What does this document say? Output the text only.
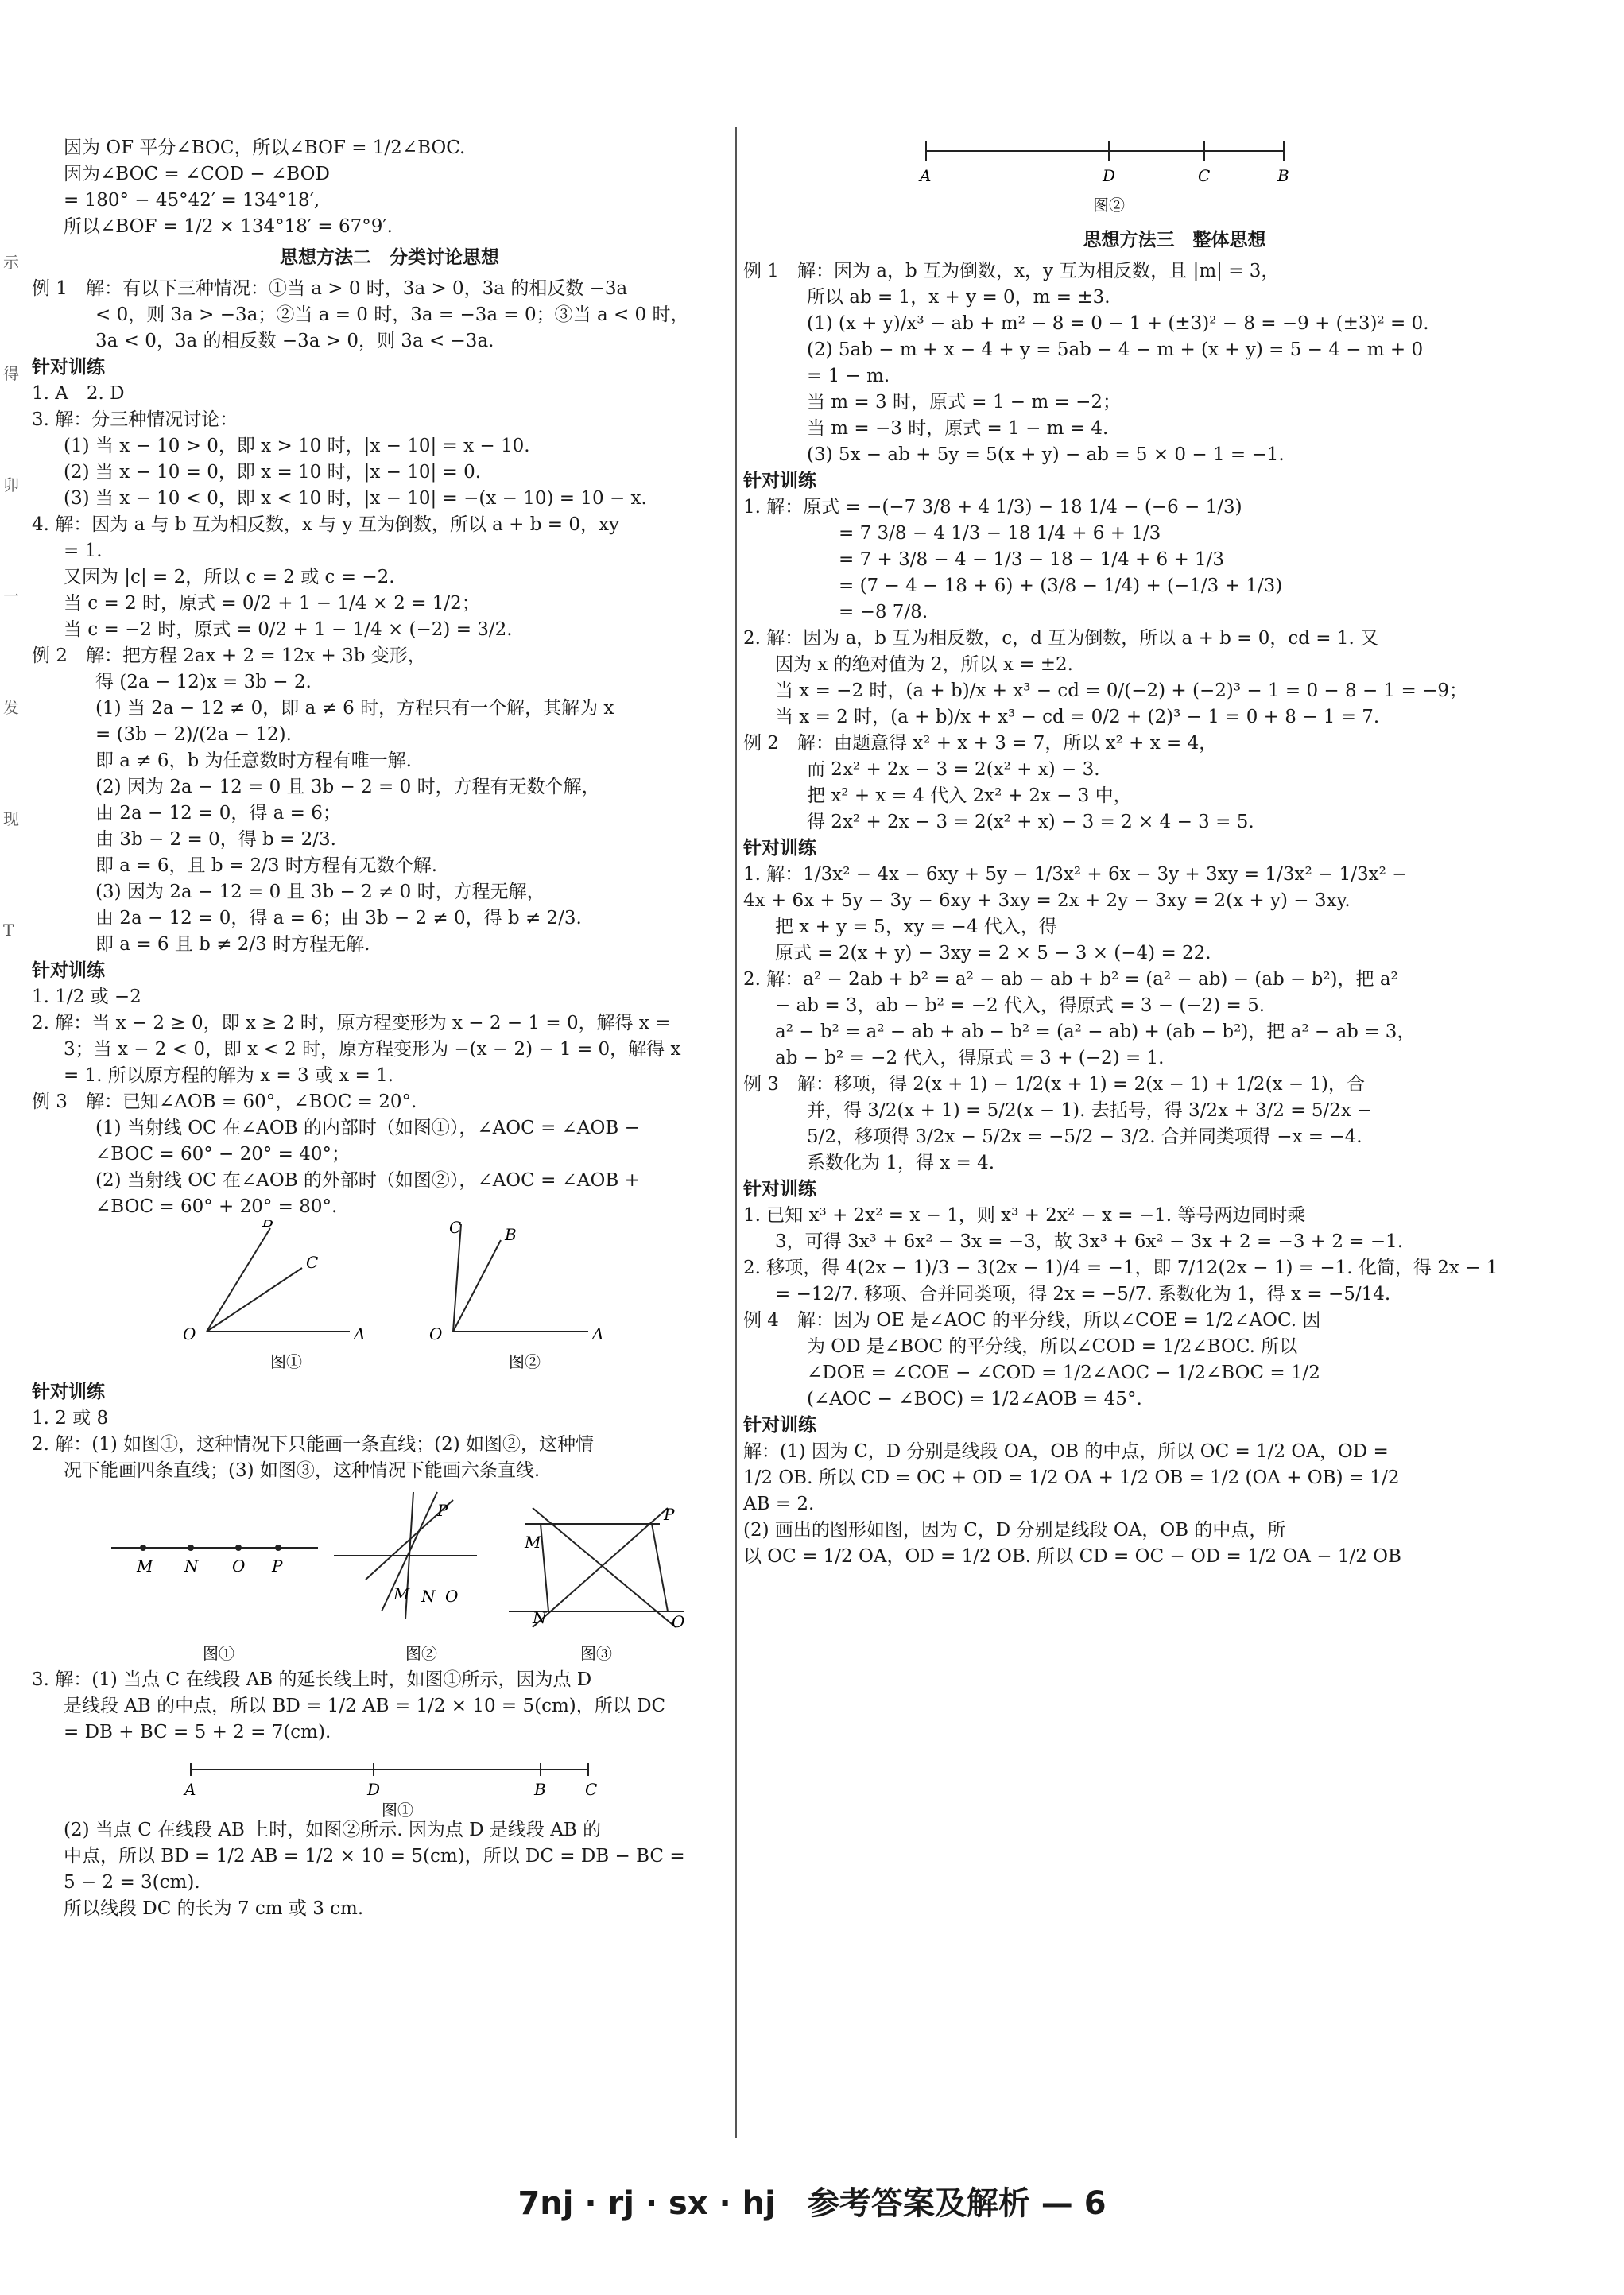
示
得
卯
一
发
现
T
因为 OF 平分∠BOC，所以∠BOF = 1/2∠BOC.
因为∠BOC = ∠COD − ∠BOD
= 180° − 45°42′ = 134°18′,
所以∠BOF = 1/2 × 134°18′ = 67°9′.
思想方法二　分类讨论思想
例 1　解：有以下三种情况：①当 a > 0 时，3a > 0，3a 的相反数 −3a
< 0，则 3a > −3a；②当 a = 0 时，3a = −3a = 0；③当 a < 0 时，
3a < 0，3a 的相反数 −3a > 0，则 3a < −3a.
针对训练
1. A　2. D
3. 解：分三种情况讨论：
(1) 当 x − 10 > 0，即 x > 10 时，|x − 10| = x − 10.
(2) 当 x − 10 = 0，即 x = 10 时，|x − 10| = 0.
(3) 当 x − 10 < 0，即 x < 10 时，|x − 10| = −(x − 10) = 10 − x.
4. 解：因为 a 与 b 互为相反数，x 与 y 互为倒数，所以 a + b = 0，xy
= 1.
又因为 |c| = 2，所以 c = 2 或 c = −2.
当 c = 2 时，原式 = 0/2 + 1 − 1/4 × 2 = 1/2；
当 c = −2 时，原式 = 0/2 + 1 − 1/4 × (−2) = 3/2.
例 2　解：把方程 2ax + 2 = 12x + 3b 变形，
得 (2a − 12)x = 3b − 2.
(1) 当 2a − 12 ≠ 0，即 a ≠ 6 时，方程只有一个解，其解为 x
= (3b − 2)/(2a − 12).
即 a ≠ 6，b 为任意数时方程有唯一解.
(2) 因为 2a − 12 = 0 且 3b − 2 = 0 时，方程有无数个解，
由 2a − 12 = 0，得 a = 6；
由 3b − 2 = 0，得 b = 2/3.
即 a = 6，且 b = 2/3 时方程有无数个解.
(3) 因为 2a − 12 = 0 且 3b − 2 ≠ 0 时，方程无解，
由 2a − 12 = 0，得 a = 6；由 3b − 2 ≠ 0，得 b ≠ 2/3.
即 a = 6 且 b ≠ 2/3 时方程无解.
针对训练
1. 1/2 或 −2
2. 解：当 x − 2 ≥ 0，即 x ≥ 2 时，原方程变形为 x − 2 − 1 = 0，解得 x =
3；当 x − 2 < 0，即 x < 2 时，原方程变形为 −(x − 2) − 1 = 0，解得 x
= 1. 所以原方程的解为 x = 3 或 x = 1.
例 3　解：已知∠AOB = 60°，∠BOC = 20°.
(1) 当射线 OC 在∠AOB 的内部时（如图①），∠AOC = ∠AOB −
∠BOC = 60° − 20° = 40°；
(2) 当射线 OC 在∠AOB 的外部时（如图②），∠AOC = ∠AOB +
∠BOC = 60° + 20° = 80°.
O	A
B
C
图①
O	A
B
C
图②
针对训练
1. 2 或 8
2. 解：(1) 如图①，这种情况下只能画一条直线；(2) 如图②，这种情
况下能画四条直线；(3) 如图③，这种情况下能画六条直线.
M N O P
图①
M N O
P
图②
M
N	O
P
图③
3. 解：(1) 当点 C 在线段 AB 的延长线上时，如图①所示，因为点 D
是线段 AB 的中点，所以 BD = 1/2 AB = 1/2 × 10 = 5(cm)，所以 DC
= DB + BC = 5 + 2 = 7(cm).
A	D	B C
图①
(2) 当点 C 在线段 AB 上时，如图②所示. 因为点 D 是线段 AB 的
中点，所以 BD = 1/2 AB = 1/2 × 10 = 5(cm)，所以 DC = DB − BC =
5 − 2 = 3(cm).
所以线段 DC 的长为 7 cm 或 3 cm.
A	D	C	B
图②
思想方法三　整体思想
例 1　解：因为 a，b 互为倒数，x，y 互为相反数，且 |m| = 3，
所以 ab = 1，x + y = 0，m = ±3.
(1) (x + y)/x³ − ab + m² − 8 = 0 − 1 + (±3)² − 8 = −9 + (±3)² = 0.
(2) 5ab − m + x − 4 + y = 5ab − 4 − m + (x + y) = 5 − 4 − m + 0
= 1 − m.
当 m = 3 时，原式 = 1 − m = −2；
当 m = −3 时，原式 = 1 − m = 4.
(3) 5x − ab + 5y = 5(x + y) − ab = 5 × 0 − 1 = −1.
针对训练
1. 解：原式 = −(−7 3/8 + 4 1/3) − 18 1/4 − (−6 − 1/3)
= 7 3/8 − 4 1/3 − 18 1/4 + 6 + 1/3
= 7 + 3/8 − 4 − 1/3 − 18 − 1/4 + 6 + 1/3
= (7 − 4 − 18 + 6) + (3/8 − 1/4) + (−1/3 + 1/3)
= −8 7/8.
2. 解：因为 a，b 互为相反数，c，d 互为倒数，所以 a + b = 0，cd = 1. 又
因为 x 的绝对值为 2，所以 x = ±2.
当 x = −2 时，(a + b)/x + x³ − cd = 0/(−2) + (−2)³ − 1 = 0 − 8 − 1 = −9；
当 x = 2 时，(a + b)/x + x³ − cd = 0/2 + (2)³ − 1 = 0 + 8 − 1 = 7.
例 2　解：由题意得 x² + x + 3 = 7，所以 x² + x = 4，
而 2x² + 2x − 3 = 2(x² + x) − 3.
把 x² + x = 4 代入 2x² + 2x − 3 中，
得 2x² + 2x − 3 = 2(x² + x) − 3 = 2 × 4 − 3 = 5.
针对训练
1. 解：1/3x² − 4x − 6xy + 5y − 1/3x² + 6x − 3y + 3xy = 1/3x² − 1/3x² −
4x + 6x + 5y − 3y − 6xy + 3xy = 2x + 2y − 3xy = 2(x + y) − 3xy.
把 x + y = 5，xy = −4 代入，得
原式 = 2(x + y) − 3xy = 2 × 5 − 3 × (−4) = 22.
2. 解：a² − 2ab + b² = a² − ab − ab + b² = (a² − ab) − (ab − b²)，把 a²
− ab = 3，ab − b² = −2 代入，得原式 = 3 − (−2) = 5.
a² − b² = a² − ab + ab − b² = (a² − ab) + (ab − b²)，把 a² − ab = 3，
ab − b² = −2 代入，得原式 = 3 + (−2) = 1.
例 3　解：移项，得 2(x + 1) − 1/2(x + 1) = 2(x − 1) + 1/2(x − 1)，合
并，得 3/2(x + 1) = 5/2(x − 1). 去括号，得 3/2x + 3/2 = 5/2x −
5/2，移项得 3/2x − 5/2x = −5/2 − 3/2. 合并同类项得 −x = −4.
系数化为 1，得 x = 4.
针对训练
1. 已知 x³ + 2x² = x − 1，则 x³ + 2x² − x = −1. 等号两边同时乘
3，可得 3x³ + 6x² − 3x = −3，故 3x³ + 6x² − 3x + 2 = −3 + 2 = −1.
2. 移项，得 4(2x − 1)/3 − 3(2x − 1)/4 = −1，即 7/12(2x − 1) = −1. 化简，得 2x − 1
= −12/7. 移项、合并同类项，得 2x = −5/7. 系数化为 1，得 x = −5/14.
例 4　解：因为 OE 是∠AOC 的平分线，所以∠COE = 1/2∠AOC. 因
为 OD 是∠BOC 的平分线，所以∠COD = 1/2∠BOC. 所以
∠DOE = ∠COE − ∠COD = 1/2∠AOC − 1/2∠BOC = 1/2
(∠AOC − ∠BOC) = 1/2∠AOB = 45°.
针对训练
解：(1) 因为 C，D 分别是线段 OA，OB 的中点，所以 OC = 1/2 OA，OD =
1/2 OB. 所以 CD = OC + OD = 1/2 OA + 1/2 OB = 1/2 (OA + OB) = 1/2
AB = 2.
(2) 画出的图形如图，因为 C，D 分别是线段 OA，OB 的中点，所
以 OC = 1/2 OA，OD = 1/2 OB. 所以 CD = OC − OD = 1/2 OA − 1/2 OB
7nj · rj · sx · hj　参考答案及解析 — 6
